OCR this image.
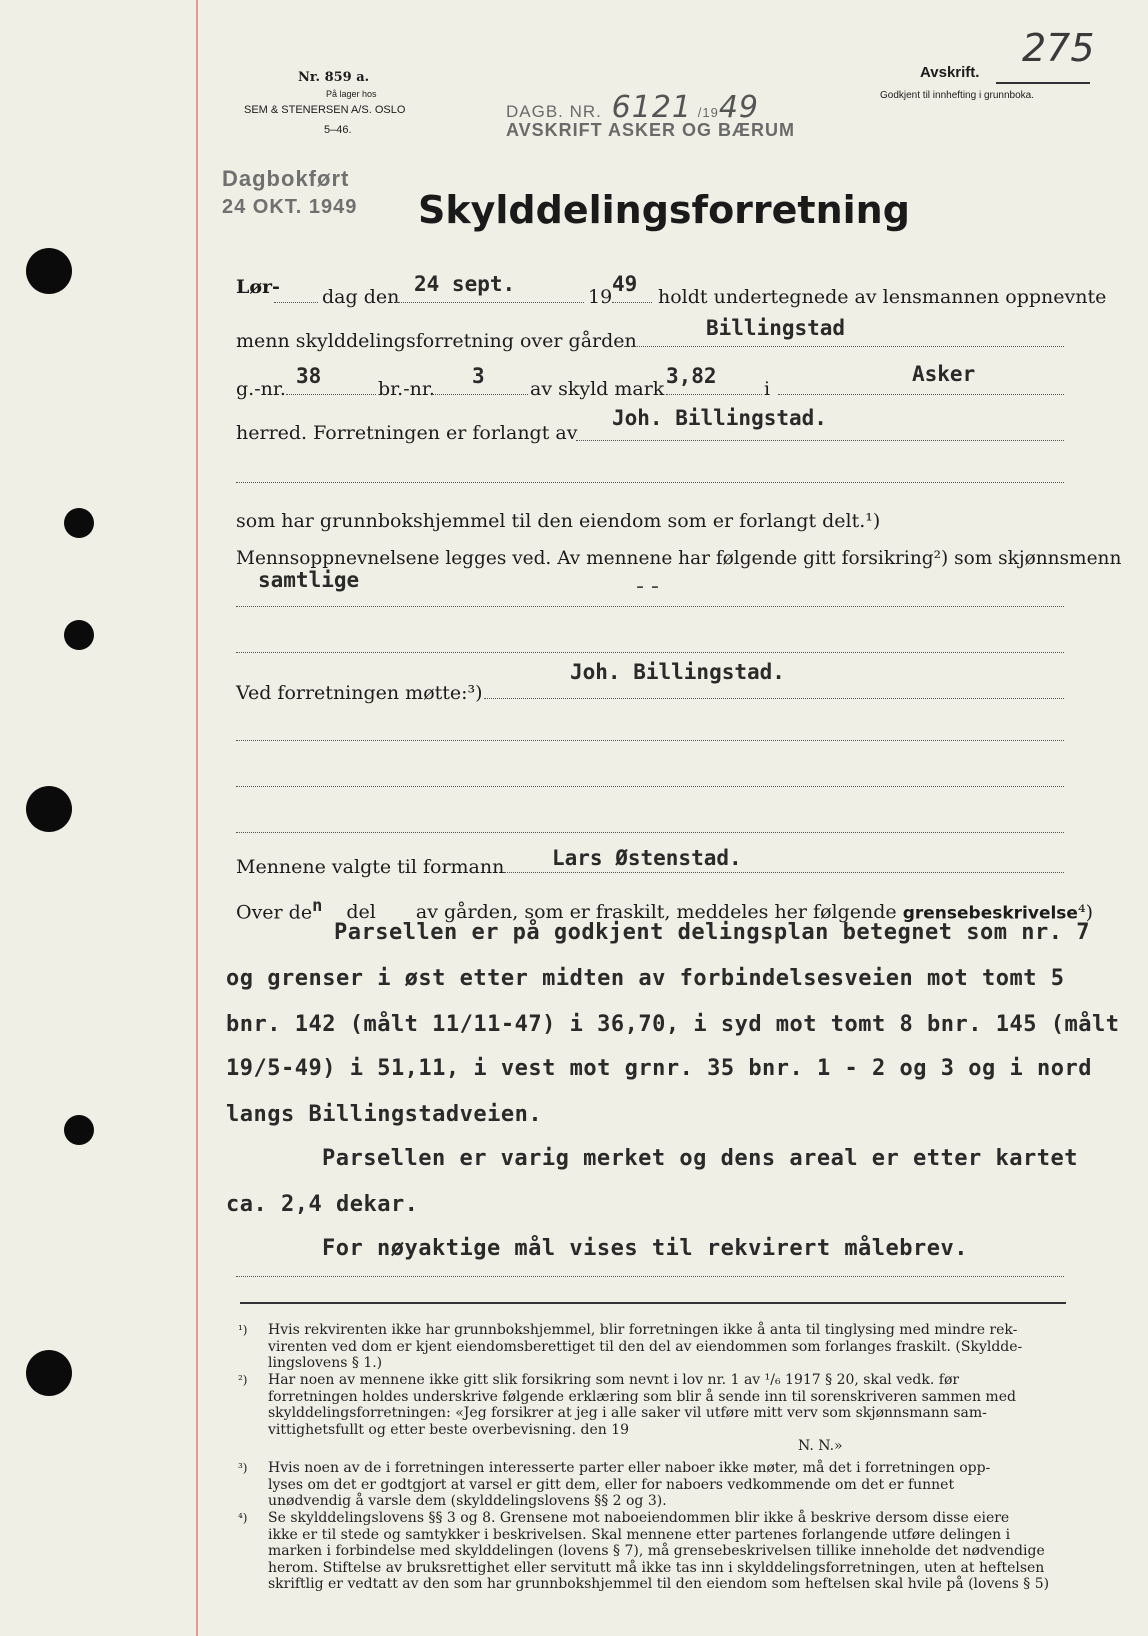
Nr. 859 a.
På lager hos
SEM & STENERSEN A/S. OSLO
5–46.
DAGB. NR. 6121 /1949
AVSKRIFT ASKER OG BÆRUM
Avskrift.
Godkjent til innhefting i grunnboka.
275
Dagbokført
24 OKT. 1949 Skylddelingsforretning
Lør- dag den
24 sept.
19
49
holdt undertegnede av lensmannen oppnevnte
menn skylddelingsforretning over gården
Billingstad
g.-nr.
38
br.-nr.
3
av skyld mark
3,82
i
Asker
herred. Forretningen er forlangt av
Joh. Billingstad.
som har grunnbokshjemmel til den eiendom som er forlangt delt.¹)
Mennsoppnevnelsene legges ved. Av mennene har følgende gitt forsikring²) som skjønnsmenn
samtlige	- -
Ved forretningen møtte:³)
Joh. Billingstad.
Mennene valgte til formann Lars Østenstad.
Over $de^n$ del av gården, som er fraskilt, meddeles her følgende grensebeskrivelse⁴)
Parsellen er på godkjent delingsplan betegnet som nr. 7
og grenser i øst etter midten av forbindelsesveien mot tomt 5
bnr. 142 (målt 11/11-47) i 36,70, i syd mot tomt 8 bnr. 145 (målt
19/5-49) i 51,11, i vest mot grnr. 35 bnr. 1 - 2 og 3 og i nord
langs Billingstadveien.
Parsellen er varig merket og dens areal er etter kartet
ca. 2,4 dekar.
For nøyaktige mål vises til rekvirert målebrev.
¹) Hvis rekvirenten ikke har grunnbokshjemmel, blir forretningen ikke å anta til tinglysing med mindre rek-
virenten ved dom er kjent eiendomsberettiget til den del av eiendommen som forlanges fraskilt. (Skyldde-
lingslovens § 1.)
²) Har noen av mennene ikke gitt slik forsikring som nevnt i lov nr. 1 av ¹/₆ 1917 § 20, skal vedk. før
forretningen holdes underskrive følgende erklæring som blir å sende inn til sorenskriveren sammen med
skylddelingsforretningen: «Jeg forsikrer at jeg i alle saker vil utføre mitt verv som skjønnsmann sam-
vittighetsfullt og etter beste overbevisning. den 19
N. N.»
³) Hvis noen av de i forretningen interesserte parter eller naboer ikke møter, må det i forretningen opp-
lyses om det er godtgjort at varsel er gitt dem, eller for naboers vedkommende om det er funnet
unødvendig å varsle dem (skylddelingslovens §§ 2 og 3).
⁴) Se skylddelingslovens §§ 3 og 8. Grensene mot naboeiendommen blir ikke å beskrive dersom disse eiere
ikke er til stede og samtykker i beskrivelsen. Skal mennene etter partenes forlangende utføre delingen i
marken i forbindelse med skylddelingen (lovens § 7), må grensebeskrivelsen tillike inneholde det nødvendige
herom. Stiftelse av bruksrettighet eller servitutt må ikke tas inn i skylddelingsforretningen, uten at heftelsen
skriftlig er vedtatt av den som har grunnbokshjemmel til den eiendom som heftelsen skal hvile på (lovens § 5)
